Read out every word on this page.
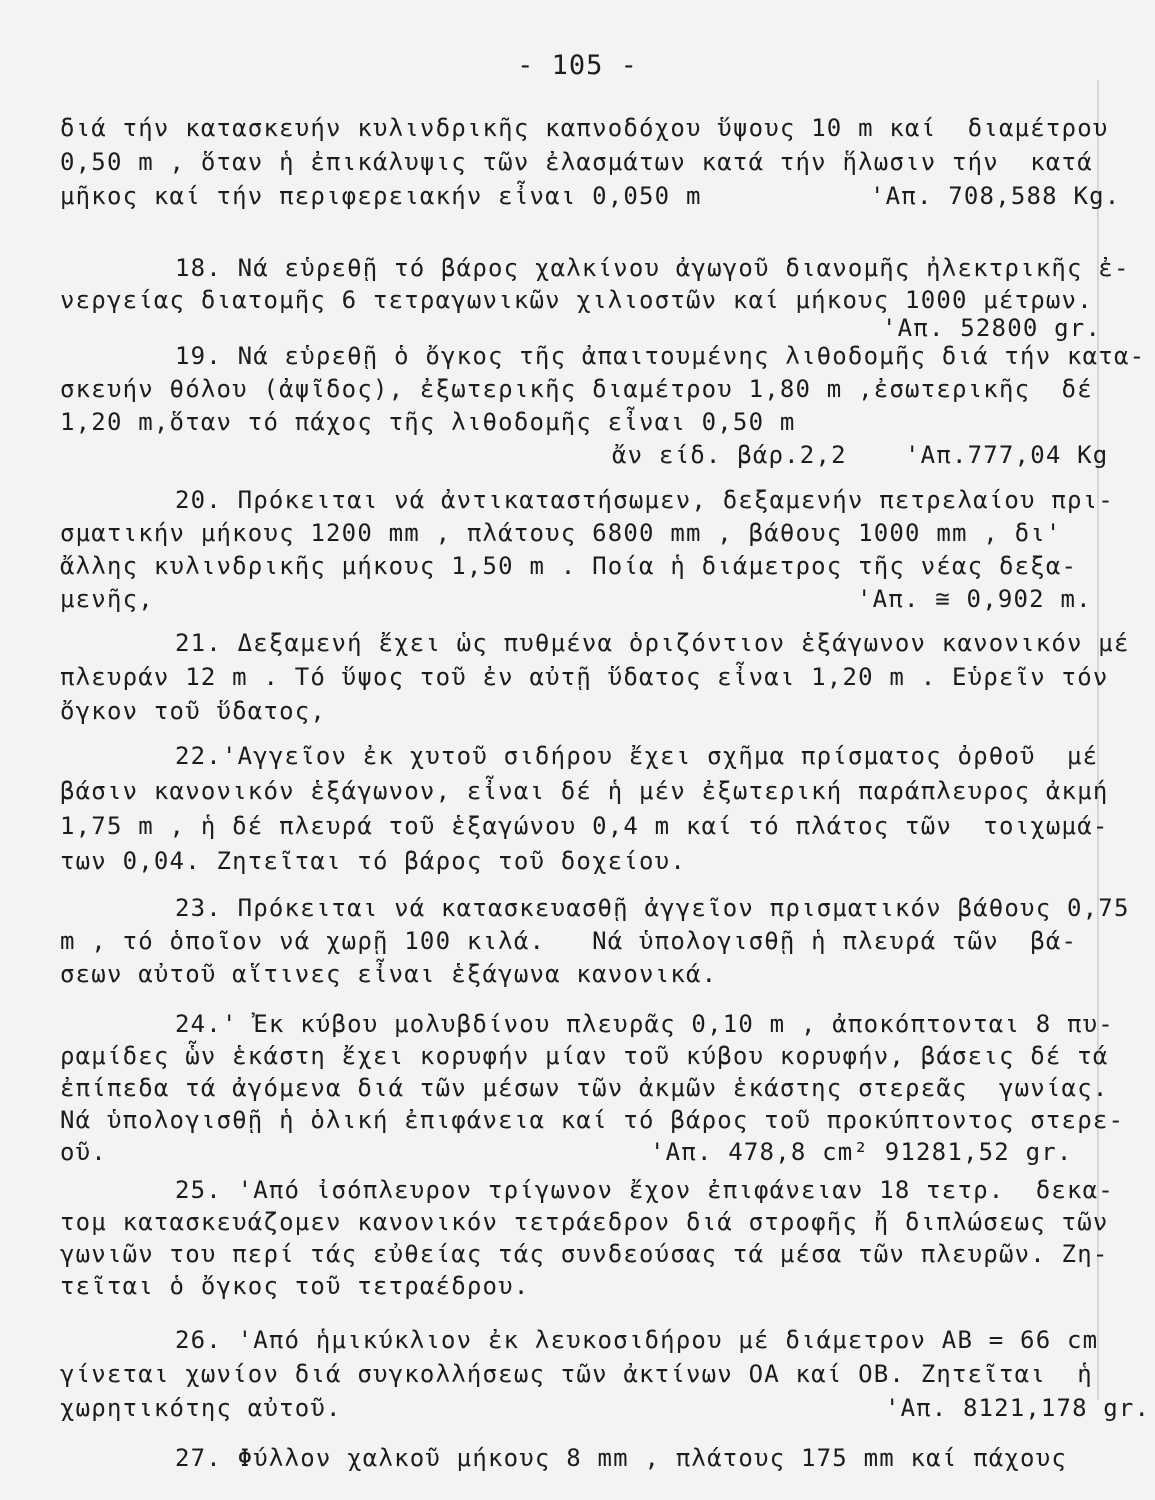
- 105 -
διά τήν κατασκευήν κυλινδρικῆς καπνοδόχου ὕψους 10 m καί  διαμέτρου
0,50 m , ὅταν ἡ ἐπικάλυψις τῶν ἐλασμάτων κατά τήν ἥλωσιν τήν  κατά
μῆκος καί τήν περιφερειακήν εἶναι 0,050 m
18. Νά εὑρεθῇ τό βάρος χαλκίνου ἀγωγοῦ διανομῆς ἠλεκτρικῆς ἐ-
νεργείας διατομῆς 6 τετραγωνικῶν χιλιοστῶν καί μήκους 1000 μέτρων.
19. Νά εὑρεθῇ ὁ ὄγκος τῆς ἀπαιτουμένης λιθοδομῆς διά τήν κατα-
σκευήν θόλου (ἀψῖδος), ἐξωτερικῆς διαμέτρου 1,80 m ,ἐσωτερικῆς  δέ
1,20 m,ὅταν τό πάχος τῆς λιθοδομῆς εἶναι 0,50 m
20. Πρόκειται νά ἀντικαταστήσωμεν, δεξαμενήν πετρελαίου πρι-
σματικήν μήκους 1200 mm , πλάτους 6800 mm , βάθους 1000 mm , δι'
ἄλλης κυλινδρικῆς μήκους 1,50 m . Ποία ἡ διάμετρος τῆς νέας δεξα-
μενῆς,
21. Δεξαμενή ἔχει ὡς πυθμένα ὁριζόντιον ἑξάγωνον κανονικόν μέ
πλευράν 12 m . Τό ὕψος τοῦ ἐν αὐτῇ ὕδατος εἶναι 1,20 m . Εὑρεῖν τόν
ὄγκον τοῦ ὕδατος,
22.'Αγγεῖον ἐκ χυτοῦ σιδήρου ἔχει σχῆμα πρίσματος ὀρθοῦ  μέ
βάσιν κανονικόν ἑξάγωνον, εἶναι δέ ἡ μέν ἐξωτερική παράπλευρος ἀκμή
1,75 m , ἡ δέ πλευρά τοῦ ἑξαγώνου 0,4 m καί τό πλάτος τῶν  τοιχωμά-
των 0,04. Ζητεῖται τό βάρος τοῦ δοχείου.
23. Πρόκειται νά κατασκευασθῇ ἀγγεῖον πρισματικόν βάθους 0,75
m , τό ὁποῖον νά χωρῇ 100 κιλά.   Νά ὑπολογισθῇ ἡ πλευρά τῶν  βά-
σεων αὐτοῦ αἵτινες εἶναι ἑξάγωνα κανονικά.
24.' Ἐκ κύβου μολυβδίνου πλευρᾶς 0,10 m , ἀποκόπτονται 8 πυ-
ραμίδες ὧν ἑκάστη ἔχει κορυφήν μίαν τοῦ κύβου κορυφήν, βάσεις δέ τά
ἐπίπεδα τά ἀγόμενα διά τῶν μέσων τῶν ἀκμῶν ἑκάστης στερεᾶς  γωνίας.
Νά ὑπολογισθῇ ἡ ὁλική ἐπιφάνεια καί τό βάρος τοῦ προκύπτοντος στερε-
οῦ.
25. 'Από ἰσόπλευρον τρίγωνον ἔχον ἐπιφάνειαν 18 τετρ.  δεκα-
τομ κατασκευάζομεν κανονικόν τετράεδρον διά στροφῆς ἤ διπλώσεως τῶν
γωνιῶν του περί τάς εὐθείας τάς συνδεούσας τά μέσα τῶν πλευρῶν. Ζη-
τεῖται ὁ ὄγκος τοῦ τετραέδρου.
26. 'Από ἡμικύκλιον ἐκ λευκοσιδήρου μέ διάμετρον ΑΒ = 66 cm
γίνεται χωνίον διά συγκολλήσεως τῶν ἀκτίνων ΟΑ καί ΟΒ. Ζητεῖται  ἡ
χωρητικότης αὐτοῦ.
27. Φύλλον χαλκοῦ μήκους 8 mm , πλάτους 175 mm καί πάχους
'Απ. 708,588 Kg.
'Απ. 52800 gr.
ἄν είδ. βάρ.2,2 'Απ.777,04 Kg
'Απ. ≅ 0,902 m.
'Απ. 478,8 cm² 91281,52 gr.
'Απ. 8121,178 gr.
